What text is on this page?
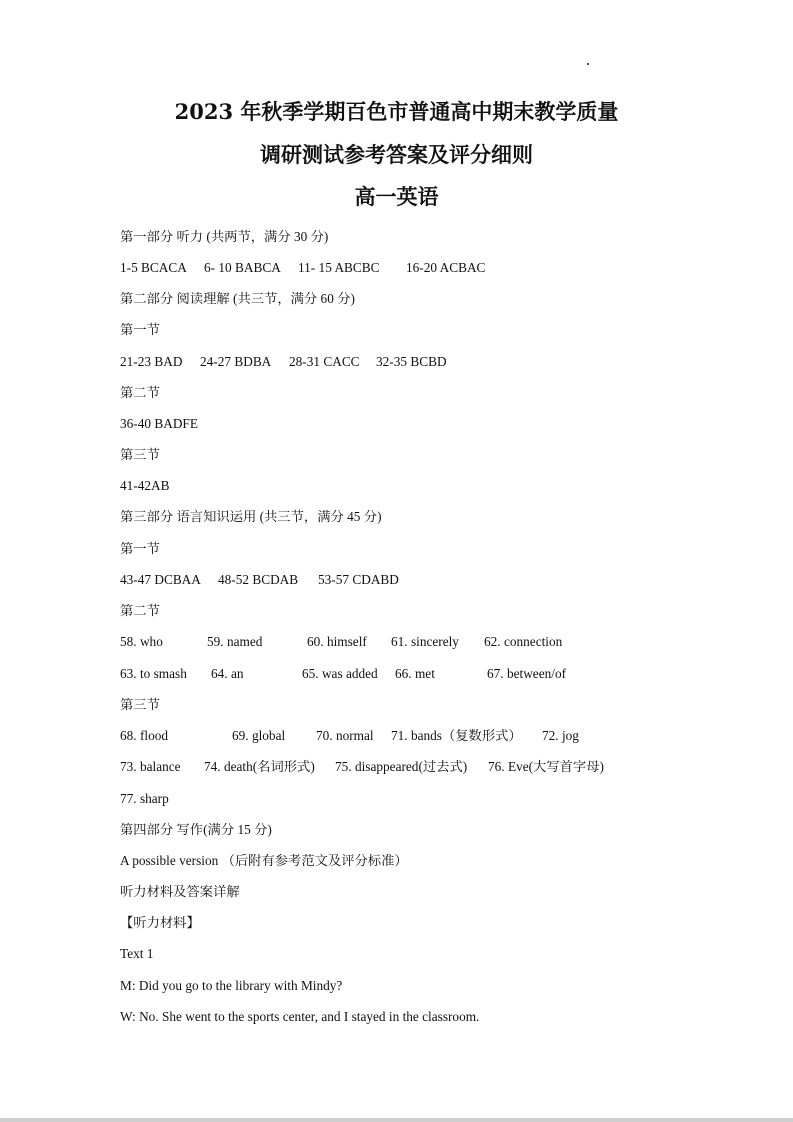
2023 年秋季学期百色市普通高中期末教学质量
调研测试参考答案及评分细则
高一英语
第一部分 听力 (共两节，满分 30 分)
1-5 BCACA 6- 10 BABCA 11- 15 ABCBC 16-20 ACBAC
第二部分 阅读理解 (共三节，满分 60 分)
第一节
21-23 BAD 24-27 BDBA 28-31 CACC 32-35 BCBD
第二节
36-40 BADFE
第三节
41-42AB
第三部分 语言知识运用 (共三节，满分 45 分)
第一节
43-47 DCBAA 48-52 BCDAB 53-57 CDABD
第二节
58. who	59. named	60. himself 61. sincerely 62. connection
63. to smash 64. an	65. was added 66. met	67. between/of
第三节
68. flood	69. global 70. normal 71. bands（复数形式） 72. jog
73. balance 74. death(名词形式) 75. disappeared(过去式) 76. Eve(大写首字母)
77. sharp
第四部分 写作(满分 15 分)
A possible version （后附有参考范文及评分标准）
听力材料及答案详解
【听力材料】
Text 1
M: Did you go to the library with Mindy?
W: No. She went to the sports center, and I stayed in the classroom.
